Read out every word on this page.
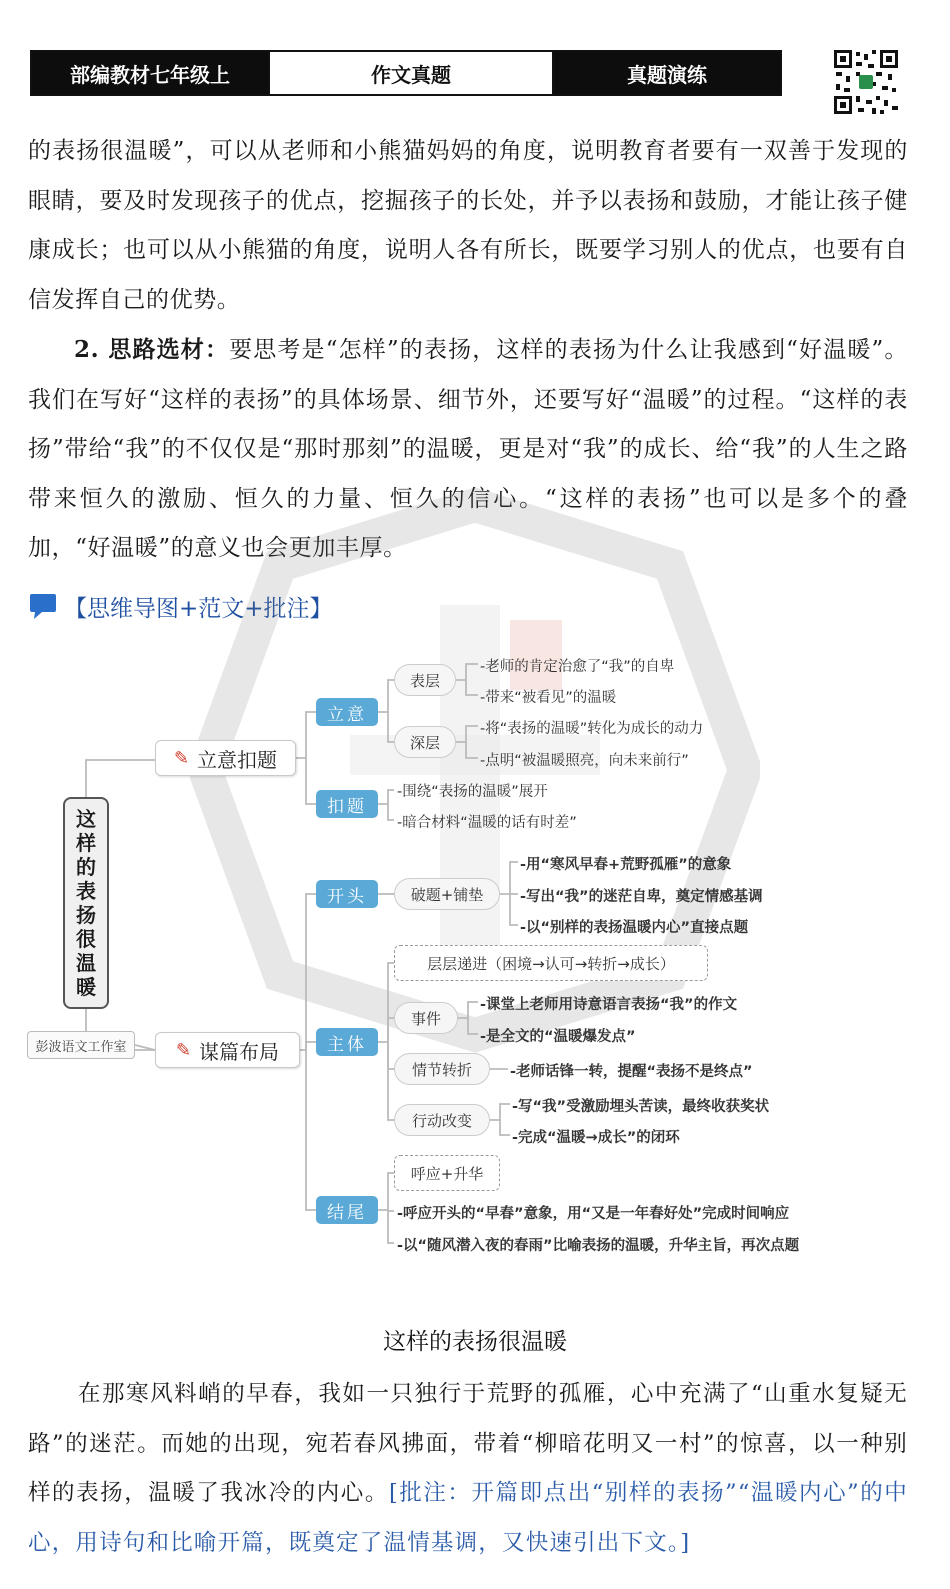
部编教材七年级上	作文真题	真题演练

的表扬很温暖”，可以从老师和小熊猫妈妈的角度，说明教育者要有一双善于发现的眼睛，要及时发现孩子的优点，挖掘孩子的长处，并予以表扬和鼓励，才能让孩子健康成长；也可以从小熊猫的角度，说明人各有所长，既要学习别人的优点，也要有自信发挥自己的优势。

2. 思路选材：要思考是“怎样”的表扬，这样的表扬为什么让我感到“好温暖”。我们在写好“这样的表扬”的具体场景、细节外，还要写好“温暖”的过程。“这样的表扬”带给“我”的不仅仅是“那时那刻”的温暖，更是对“我”的成长、给“我”的人生之路带来恒久的激励、恒久的力量、恒久的信心。“这样的表扬”也可以是多个的叠加，“好温暖”的意义也会更加丰厚。

【思维导图+范文+批注】
这
样
的
表
扬
很
温
暖
彭波语文工作室
✎ 立意扣题
✎ 谋篇布局
立意
扣题
表层
深层
-老师的肯定治愈了“我”的自卑
-带来“被看见”的温暖
-将“表扬的温暖”转化为成长的动力
-点明“被温暖照亮，向未来前行”
-围绕“表扬的温暖”展开
-暗合材料“温暖的话有时差”
开头
主体
结尾
破题+铺垫
-用“寒风早春+荒野孤雁”的意象
-写出“我”的迷茫自卑，奠定情感基调
-以“别样的表扬温暖内心”直接点题
层层递进（困境→认可→转折→成长）
事件
-课堂上老师用诗意语言表扬“我”的作文
-是全文的“温暖爆发点”
情节转折	-老师话锋一转，提醒“表扬不是终点”
行动改变
-写“我”受激励埋头苦读，最终收获奖状
-完成“温暖→成长”的闭环
呼应+升华
-呼应开头的“早春”意象，用“又是一年春好处”完成时间响应
-以“随风潜入夜的春雨”比喻表扬的温暖，升华主旨，再次点题
这样的表扬很温暖

在那寒风料峭的早春，我如一只独行于荒野的孤雁，心中充满了“山重水复疑无路”的迷茫。而她的出现，宛若春风拂面，带着“柳暗花明又一村”的惊喜，以一种别样的表扬，温暖了我冰冷的内心。[批注：开篇即点出“别样的表扬”“温暖内心”的中心，用诗句和比喻开篇，既奠定了温情基调，又快速引出下文。]
